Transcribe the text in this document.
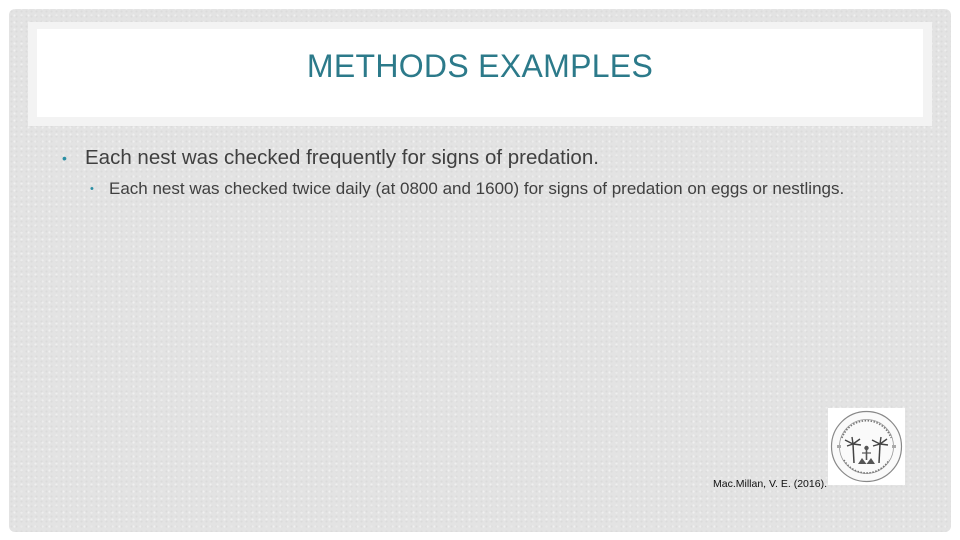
METHODS EXAMPLES
• Each nest was checked frequently for signs of predation.
• Each nest was checked twice daily (at 0800 and 1600) for signs of predation on eggs or nestlings.
Mac.Millan, V. E. (2016).
